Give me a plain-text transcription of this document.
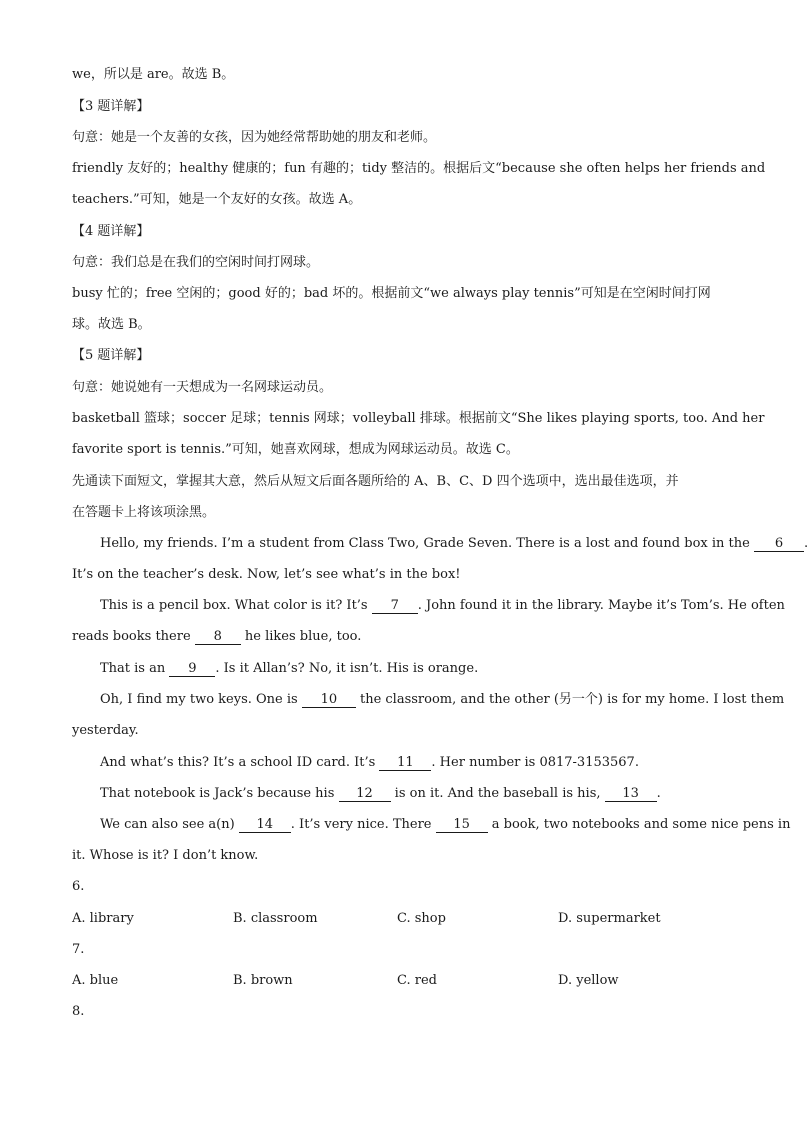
we，所以是 are。故选 B。
【3 题详解】
句意：她是一个友善的女孩，因为她经常帮助她的朋友和老师。
friendly 友好的；healthy 健康的；fun 有趣的；tidy 整洁的。根据后文“because she often helps her friends and
teachers.”可知，她是一个友好的女孩。故选 A。
【4 题详解】
句意：我们总是在我们的空闲时间打网球。
busy 忙的；free 空闲的；good 好的；bad 坏的。根据前文“we always play tennis”可知是在空闲时间打网
球。故选 B。
【5 题详解】
句意：她说她有一天想成为一名网球运动员。
basketball 篮球；soccer 足球；tennis 网球；volleyball 排球。根据前文“She likes playing sports, too. And her
favorite sport is tennis.”可知，她喜欢网球，想成为网球运动员。故选 C。
先通读下面短文，掌握其大意，然后从短文后面各题所给的 A、B、C、D 四个选项中，选出最佳选项，并
在答题卡上将该项涂黑。
Hello, my friends. I’m a student from Class Two, Grade Seven. There is a lost and found box in the 6 .
It’s on the teacher’s desk. Now, let’s see what’s in the box!
This is a pencil box. What color is it? It’s 7 . John found it in the library. Maybe it’s Tom’s. He often
reads books there 8 he likes blue, too.
That is an 9 . Is it Allan’s? No, it isn’t. His is orange.
Oh, I find my two keys. One is 10 the classroom, and the other (另一个) is for my home. I lost them
yesterday.
And what’s this? It’s a school ID card. It’s 11 . Her number is 0817-3153567.
That notebook is Jack’s because his 12 is on it. And the baseball is his, 13 .
We can also see a(n) 14 . It’s very nice. There 15 a book, two notebooks and some nice pens in
it. Whose is it? I don’t know.
6.
A. library	B. classroom	C. shop	D. supermarket
7.
A. blue	B. brown	C. red	D. yellow
8.
